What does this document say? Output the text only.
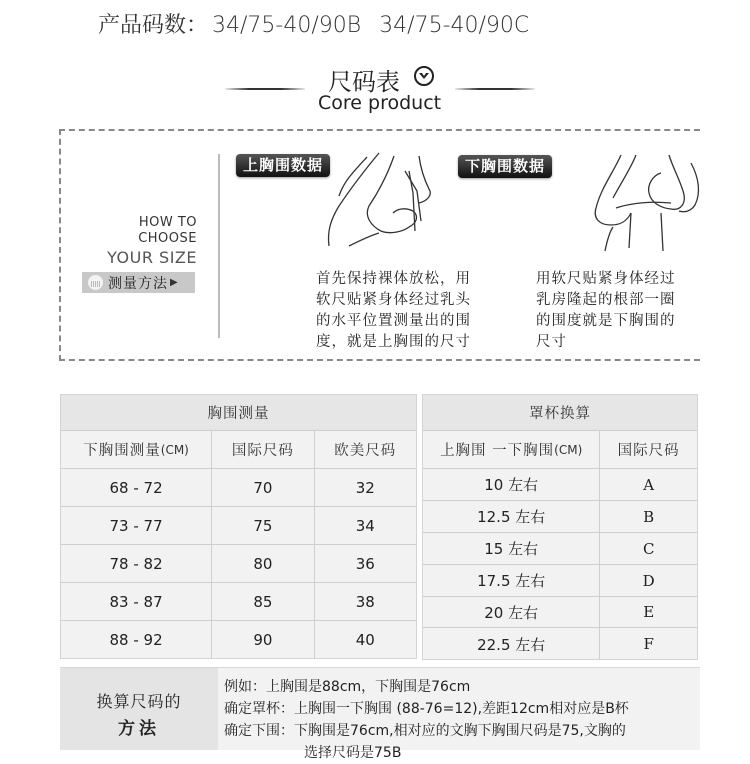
产品码数： 34/75-40/90B 34/75-40/90C
尺码表
Core product
HOW TO
CHOOSE
YOUR SIZE
测量方法 ▶
上胸围数据
首先保持裸体放松，用
软尺贴紧身体经过乳头
的水平位置测量出的围
度，就是上胸围的尺寸
下胸围数据
用软尺贴紧身体经过
乳房隆起的根部一圈
的围度就是下胸围的
尺寸
胸围测量
下胸围测量 (CM)	国际尺码	欧美尺码
68 - 72	70	32
73 - 77	75	34
78 - 82	80	36
83 - 87	85	38
88 - 92	90	40
罩杯换算
上胸围 一下胸围 (CM)	国际尺码
10 左右	A
12.5 左右	B
15 左右	C
17.5 左右	D
20 左右	E
22.5 左右	F
换算尺码的
方法
例如：上胸围是88cm，下胸围是76cm
确定罩杯：上胸围一下胸围 (88-76=12),差距12cm相对应是B杯
确定下围：下胸围是76cm,相对应的文胸下胸围尺码是75,文胸的
选择尺码是75B
